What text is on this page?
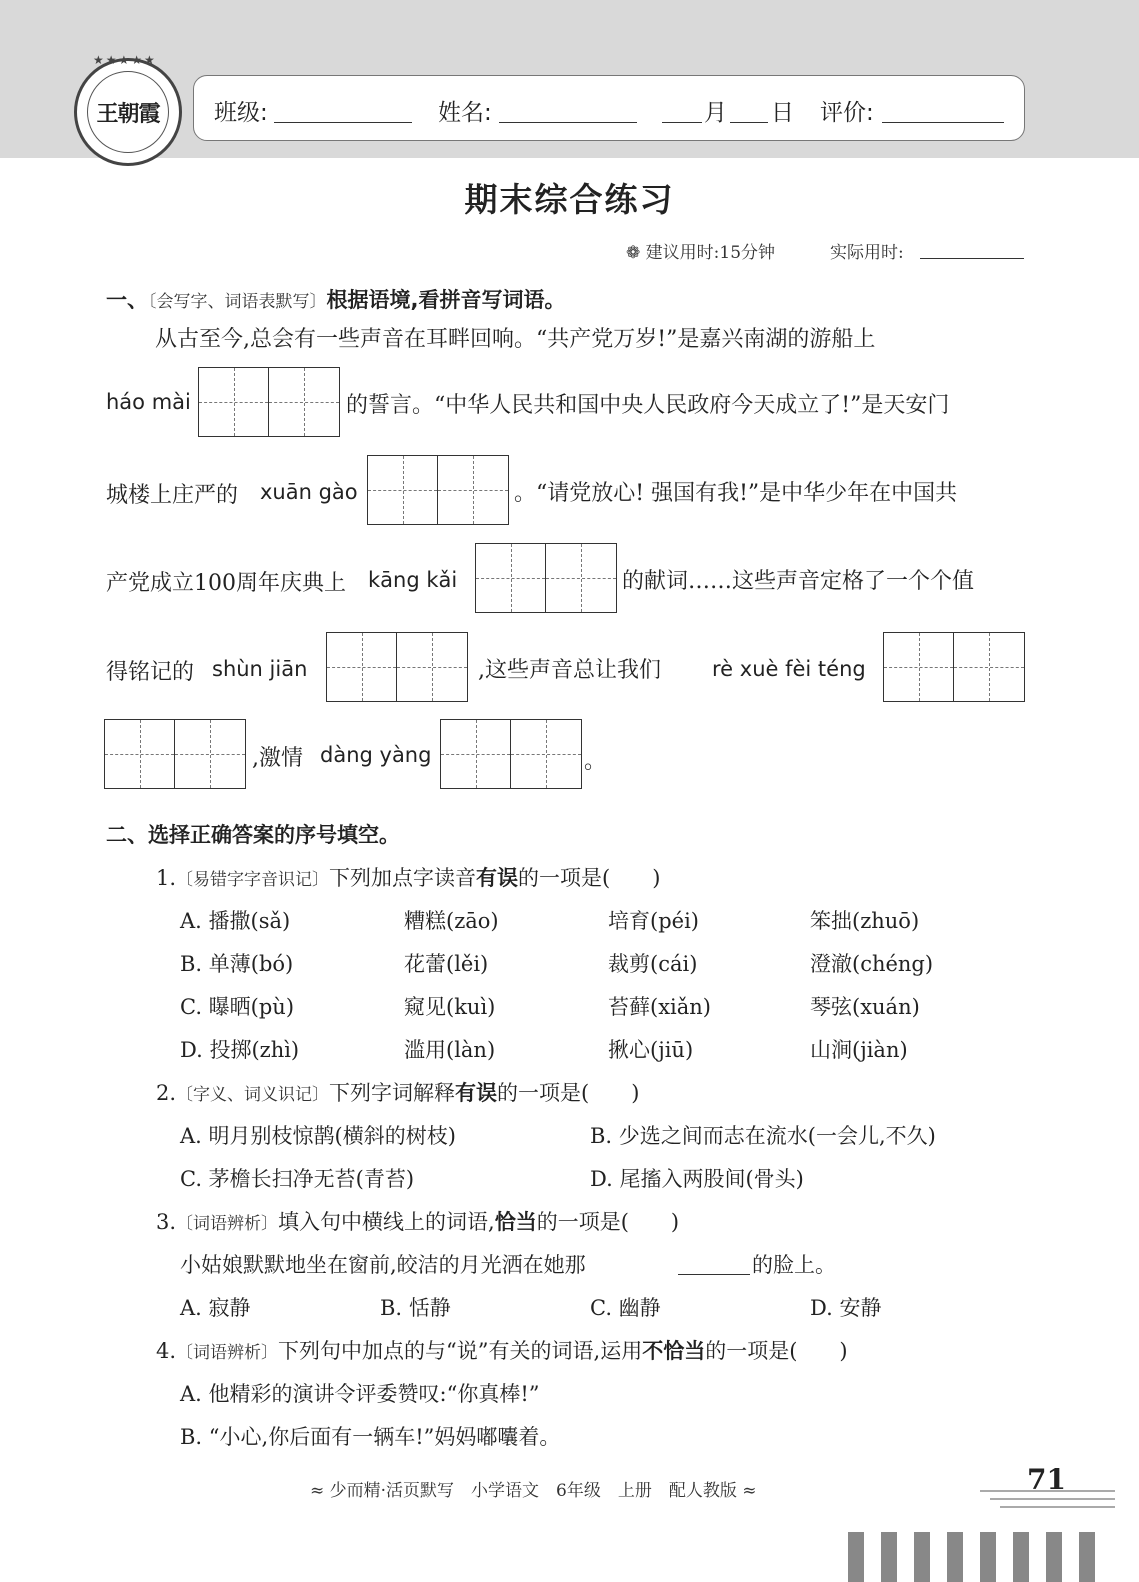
★★★★★
王朝霞 班级:	姓名:	月 日 评价:
期末综合练习
❁ 建议用时:15分钟	实际用时:
一、〔会写字、词语表默写〕根据语境,看拼音写词语。
从古至今,总会有一些声音在耳畔回响。“共产党万岁!”是嘉兴南湖的游船上
háo mài	的誓言。“中华人民共和国中央人民政府今天成立了!”是天安门
城楼上庄严的 xuān gào	。“请党放心! 强国有我!”是中华少年在中国共
产党成立100周年庆典上 kāng kǎi	的献词……这些声音定格了一个个值
得铭记的 shùn jiān	,这些声音总让我们 rè xuè fèi téng
,激情 dàng yàng	。
二、选择正确答案的序号填空。
1.〔易错字字音识记〕下列加点字读音有误的一项是(　　)
A. 播撒(sǎ)	糟糕(zāo)	培育(péi)	笨拙(zhuō)
B. 单薄(bó)	花蕾(lěi)	裁剪(cái)	澄澈(chéng)
C. 曝晒(pù)	窥见(kuì)	苔藓(xiǎn)	琴弦(xuán)
D. 投掷(zhì)	滥用(làn)	揪心(jiū)	山涧(jiàn)
2.〔字义、词义识记〕下列字词解释有误的一项是(　　)
A. 明月别枝惊鹊(横斜的树枝)	B. 少选之间而志在流水(一会儿,不久)
C. 茅檐长扫净无苔(青苔)	D. 尾搐入两股间(骨头)
3.〔词语辨析〕填入句中横线上的词语,恰当的一项是(　　)
小姑娘默默地坐在窗前,皎洁的月光洒在她那	的脸上。
A. 寂静	B. 恬静	C. 幽静	D. 安静
4.〔词语辨析〕下列句中加点的与“说”有关的词语,运用不恰当的一项是(　　)
A. 他精彩的演讲令评委赞叹:“你真棒!”
B. “小心,你后面有一辆车!”妈妈嘟囔着。
≈ 少而精·活页默写　小学语文　6年级　上册　配人教版 ≈	71
